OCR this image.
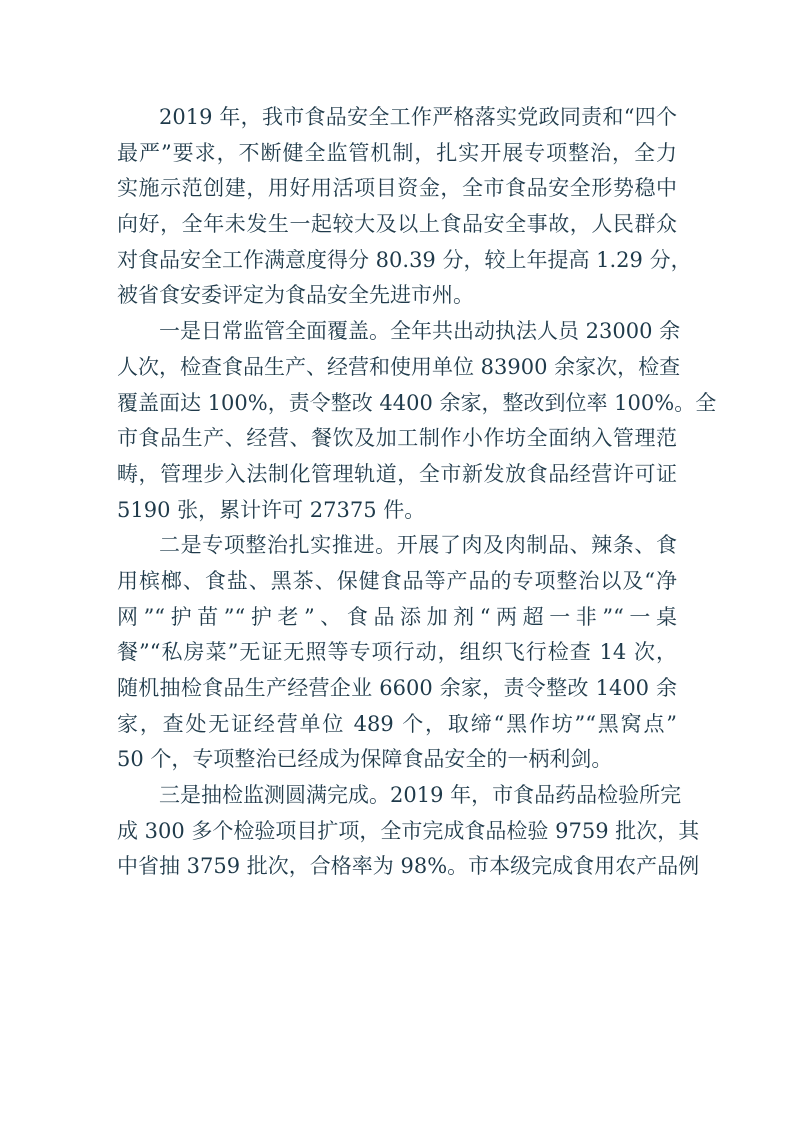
2019 年，我市食品安全工作严格落实党政同责和“四个
最严”要求，不断健全监管机制，扎实开展专项整治，全力
实施示范创建，用好用活项目资金，全市食品安全形势稳中
向好，全年未发生一起较大及以上食品安全事故，人民群众
对食品安全工作满意度得分 80.39 分，较上年提高 1.29 分，
被省食安委评定为食品安全先进市州。
一是日常监管全面覆盖。全年共出动执法人员 23000 余
人次，检查食品生产、经营和使用单位 83900 余家次，检查
覆盖面达 100%，责令整改 4400 余家，整改到位率 100%。全
市食品生产、经营、餐饮及加工制作小作坊全面纳入管理范
畴，管理步入法制化管理轨道，全市新发放食品经营许可证
5190 张，累计许可 27375 件。
二是专项整治扎实推进。开展了肉及肉制品、辣条、食
用槟榔、食盐、黑茶、保健食品等产品的专项整治以及“净
网”“护苗”“护老”、食品添加剂“两超一非”“一桌
餐”“私房菜”无证无照等专项行动，组织飞行检查 14 次，
随机抽检食品生产经营企业 6600 余家，责令整改 1400 余
家，查处无证经营单位 489 个，取缔“黑作坊”“黑窝点”
50 个，专项整治已经成为保障食品安全的一柄利剑。
三是抽检监测圆满完成。2019 年，市食品药品检验所完
成 300 多个检验项目扩项，全市完成食品检验 9759 批次，其
中省抽 3759 批次，合格率为 98%。市本级完成食用农产品例
